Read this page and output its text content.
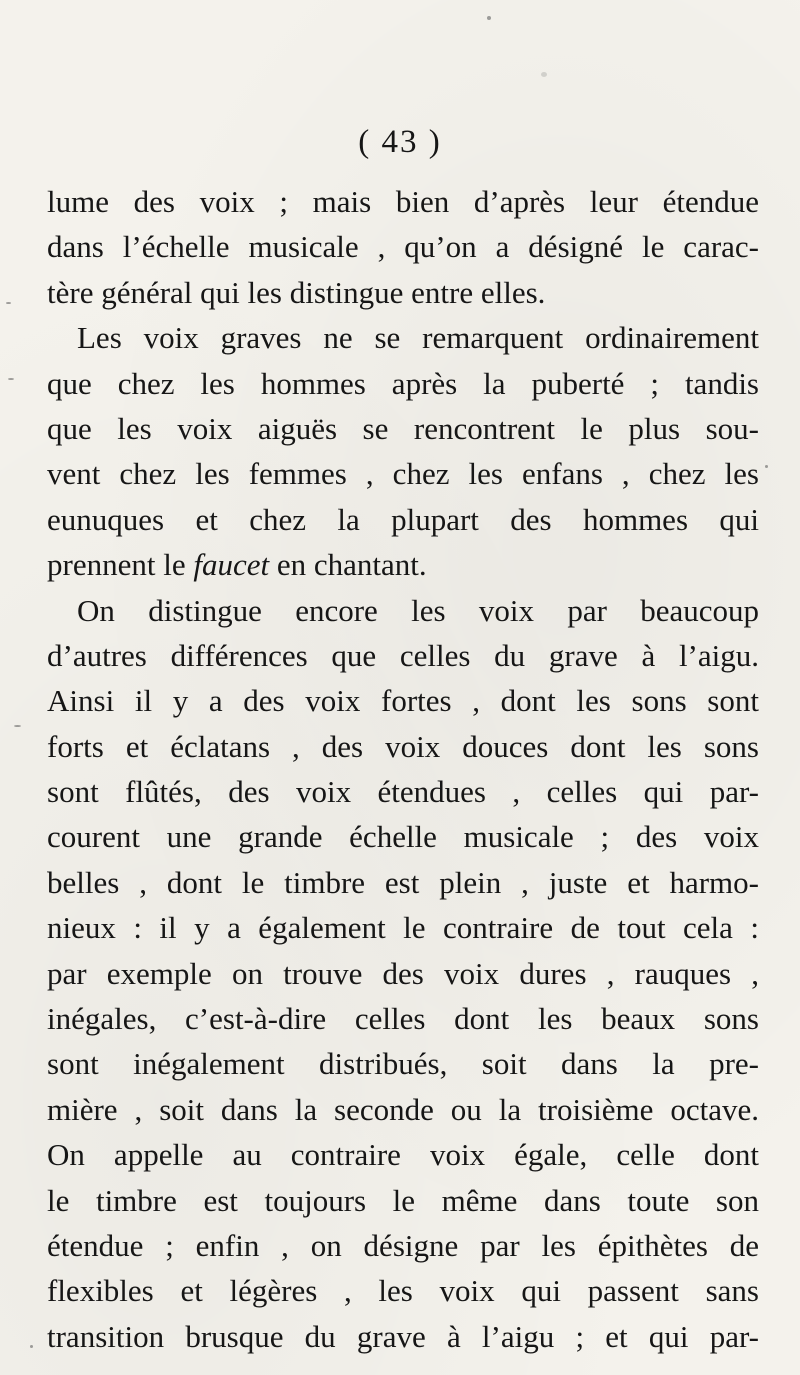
( 43 )
lume des voix ; mais bien d’après leur étendue
dans l’échelle musicale , qu’on a désigné le carac-
tère général qui les distingue entre elles.
Les voix graves ne se remarquent ordinairement
que chez les hommes après la puberté ; tandis
que les voix aiguës se rencontrent le plus sou-
vent chez les femmes , chez les enfans , chez les
eunuques et chez la plupart des hommes qui
prennent le faucet en chantant.
On distingue encore les voix par beaucoup
d’autres différences que celles du grave à l’aigu.
Ainsi il y a des voix fortes , dont les sons sont
forts et éclatans , des voix douces dont les sons
sont flûtés, des voix étendues , celles qui par-
courent une grande échelle musicale ; des voix
belles , dont le timbre est plein , juste et harmo-
nieux : il y a également le contraire de tout cela :
par exemple on trouve des voix dures , rauques ,
inégales, c’est-à-dire celles dont les beaux sons
sont inégalement distribués, soit dans la pre-
mière , soit dans la seconde ou la troisième octave.
On appelle au contraire voix égale, celle dont
le timbre est toujours le même dans toute son
étendue ; enfin , on désigne par les épithètes de
flexibles et légères , les voix qui passent sans
transition brusque du grave à l’aigu ; et qui par-
